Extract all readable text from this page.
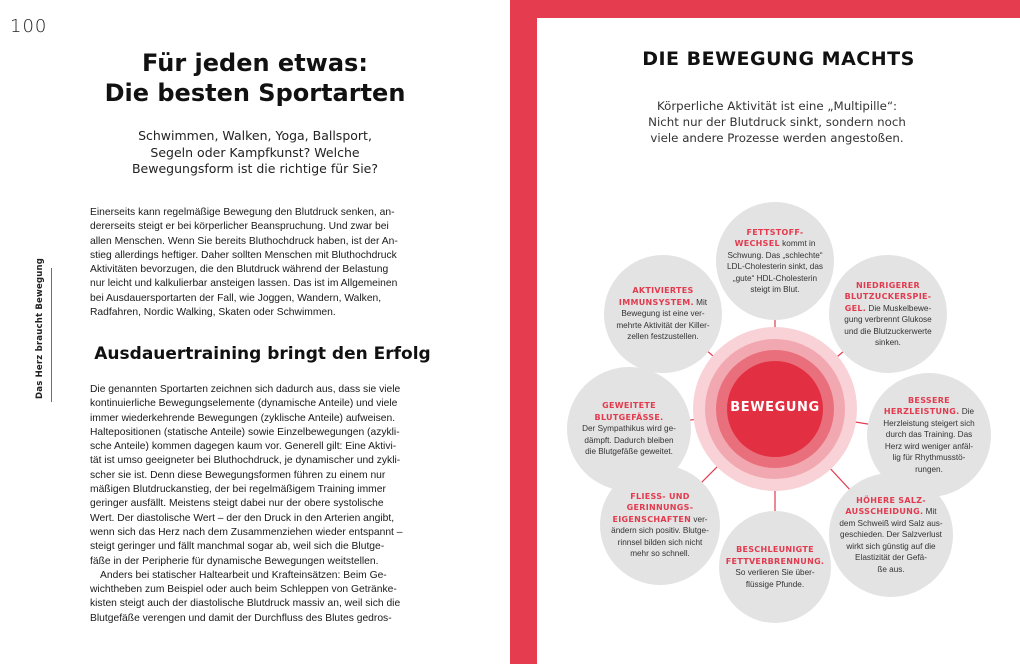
100
Das Herz braucht Bewegung
Für jeden etwas:
Die besten Sportarten
Schwimmen, Walken, Yoga, Ballsport,
Segeln oder Kampfkunst? Welche
Bewegungsform ist die richtige für Sie?
Einerseits kann regelmäßige Bewegung den Blutdruck senken, an-
dererseits steigt er bei körperlicher Beanspruchung. Und zwar bei
allen Menschen. Wenn Sie bereits Bluthochdruck haben, ist der An-
stieg allerdings heftiger. Daher sollten Menschen mit Bluthochdruck
Aktivitäten bevorzugen, die den Blutdruck während der Belastung
nur leicht und kalkulierbar ansteigen lassen. Das ist im Allgemeinen
bei Ausdauersportarten der Fall, wie Joggen, Wandern, Walken,
Radfahren, Nordic Walking, Skaten oder Schwimmen.
Ausdauertraining bringt den Erfolg
Die genannten Sportarten zeichnen sich dadurch aus, dass sie viele
kontinuierliche Bewegungselemente (dynamische Anteile) und viele
immer wiederkehrende Bewegungen (zyklische Anteile) aufweisen.
Haltepositionen (statische Anteile) sowie Einzelbewegungen (azykli-
sche Anteile) kommen dagegen kaum vor. Generell gilt: Eine Aktivi-
tät ist umso geeigneter bei Bluthochdruck, je dynamischer und zykli-
scher sie ist. Denn diese Bewegungsformen führen zu einem nur
mäßigen Blutdruckanstieg, der bei regelmäßigem Training immer
geringer ausfällt. Meistens steigt dabei nur der obere systolische
Wert. Der diastolische Wert – der den Druck in den Arterien angibt,
wenn sich das Herz nach dem Zusammenziehen wieder entspannt –
steigt geringer und fällt manchmal sogar ab, weil sich die Blutge-
fäße in der Peripherie für dynamische Bewegungen weitstellen.
Anders bei statischer Haltearbeit und Krafteinsätzen: Beim Ge-
wichtheben zum Beispiel oder auch beim Schleppen von Getränke-
kisten steigt auch der diastolische Blutdruck massiv an, weil sich die
Blutgefäße verengen und damit der Durchfluss des Blutes gedros-
DIE BEWEGUNG MACHTS
Körperliche Aktivität ist eine „Multipille“:
Nicht nur der Blutdruck sinkt, sondern noch
viele andere Prozesse werden angestoßen.
BEWEGUNG
FETTSTOFF-
WECHSEL kommt in
Schwung. Das „schlechte“
LDL-Cholesterin sinkt, das
„gute“ HDL-Cholesterin
steigt im Blut.
AKTIVIERTES
IMMUNSYSTEM. Mit
Bewegung ist eine ver-
mehrte Aktivität der Killer-
zellen festzustellen.
NIEDRIGERER
BLUTZUCKERSPIE-
GEL. Die Muskelbewe-
gung verbrennt Glukose
und die Blutzuckerwerte
sinken.
GEWEITETE
BLUTGEFÄSSE.
Der Sympathikus wird ge-
dämpft. Dadurch bleiben
die Blutgefäße geweitet.
BESSERE
HERZLEISTUNG. Die
Herzleistung steigert sich
durch das Training. Das
Herz wird weniger anfäl-
lig für Rhythmusstö-
rungen.
FLIESS- UND
GERINNUNGS-
EIGENSCHAFTEN ver-
ändern sich positiv. Blutge-
rinnsel bilden sich nicht
mehr so schnell.
HÖHERE SALZ-
AUSSCHEIDUNG. Mit
dem Schweiß wird Salz aus-
geschieden. Der Salzverlust
wirkt sich günstig auf die
Elastizität der Gefä-
ße aus.
BESCHLEUNIGTE
FETTVERBRENNUNG.
So verlieren Sie über-
flüssige Pfunde.
